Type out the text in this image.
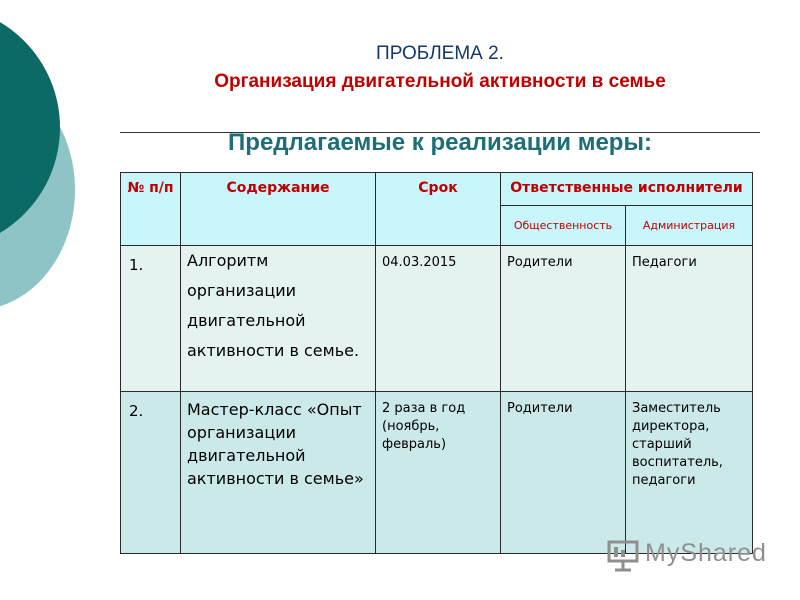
ПРОБЛЕМА 2.
Организация двигательной активности в семье
Предлагаемые к реализации меры:
№ п/п	Содержание	Срок	Ответственные исполнители	
			Общественность	Администрация
1.	Алгоритм организации двигательной активности в семье.	04.03.2015	Родители	Педагоги
2.	Мастер-класс «Опыт организации двигательной активности в семье»	2 раза в год (ноябрь, февраль)	Родители	Заместитель директора, старший воспитатель, педагоги
MyShared
